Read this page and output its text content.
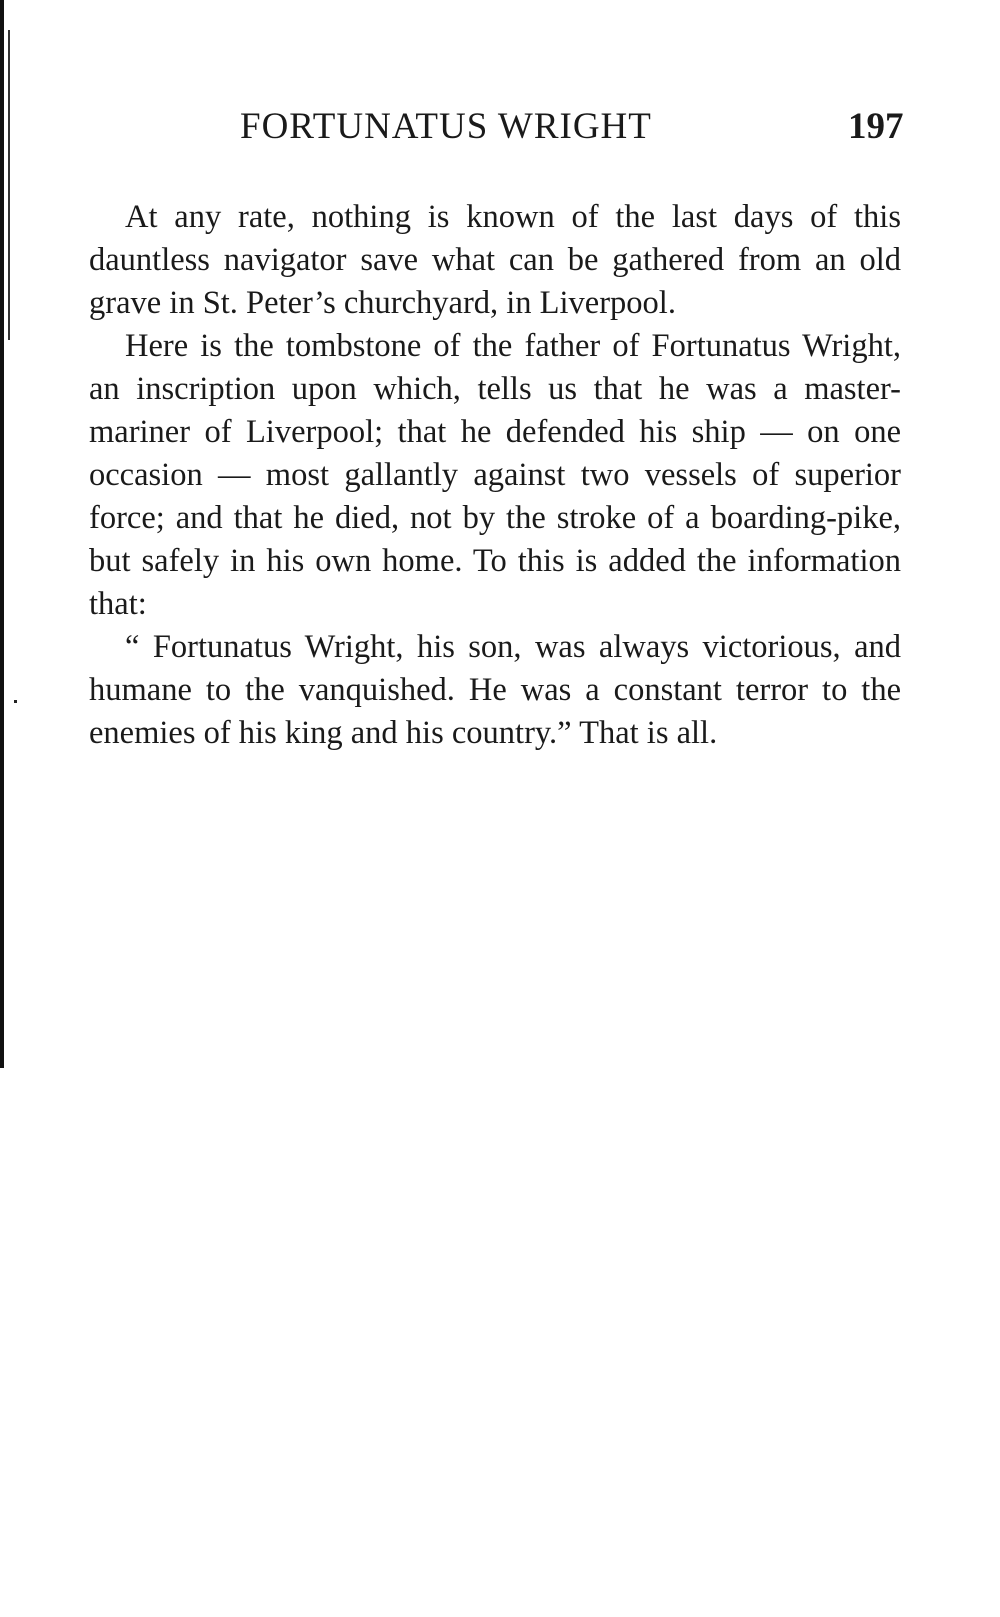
FORTUNATUS WRIGHT	197

At any rate, nothing is known of the last days of this dauntless navigator save what can be gathered from an old grave in St. Peter’s churchyard, in Liverpool.

Here is the tombstone of the father of Fortunatus Wright, an inscription upon which, tells us that he was a master-mariner of Liverpool; that he defended his ship — on one occasion — most gallantly against two vessels of superior force; and that he died, not by the stroke of a boarding-pike, but safely in his own home. To this is added the information that:

“ Fortunatus Wright, his son, was always victorious, and humane to the vanquished. He was a constant terror to the enemies of his king and his country.” That is all.
